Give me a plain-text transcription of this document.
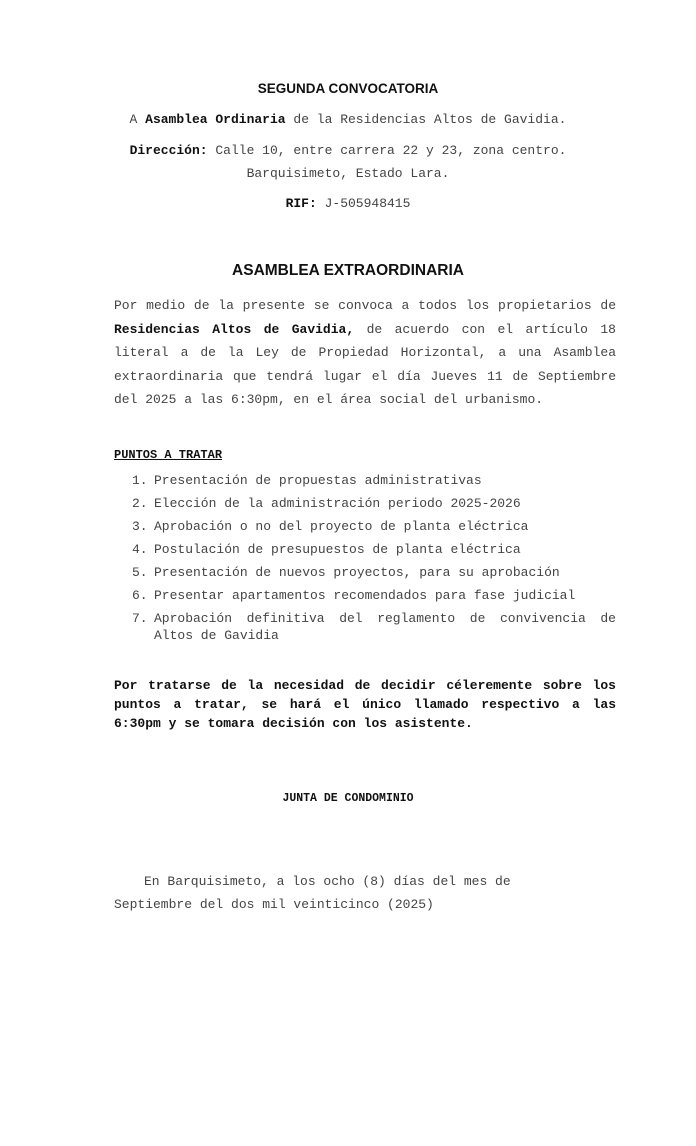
SEGUNDA CONVOCATORIA
A Asamblea Ordinaria de la Residencias Altos de Gavidia.
Dirección: Calle 10, entre carrera 22 y 23, zona centro.
Barquisimeto, Estado Lara.
RIF: J-505948415
ASAMBLEA EXTRAORDINARIA
Por medio de la presente se convoca a todos los propietarios de Residencias Altos de Gavidia, de acuerdo con el artículo 18 literal a de la Ley de Propiedad Horizontal, a una Asamblea extraordinaria que tendrá lugar el día Jueves 11 de Septiembre del 2025 a las 6:30pm, en el área social del urbanismo.
PUNTOS A TRATAR
1. Presentación de propuestas administrativas
2. Elección de la administración periodo 2025-2026
3. Aprobación o no del proyecto de planta eléctrica
4. Postulación de presupuestos de planta eléctrica
5. Presentación de nuevos proyectos, para su aprobación
6. Presentar apartamentos recomendados para fase judicial
7. Aprobación definitiva del reglamento de convivencia de Altos de Gavidia
Por tratarse de la necesidad de decidir céleremente sobre los puntos a tratar, se hará el único llamado respectivo a las 6:30pm y se tomara decisión con los asistente.
JUNTA DE CONDOMINIO
En Barquisimeto, a los ocho (8) días del mes de
Septiembre del dos mil veinticinco (2025)
